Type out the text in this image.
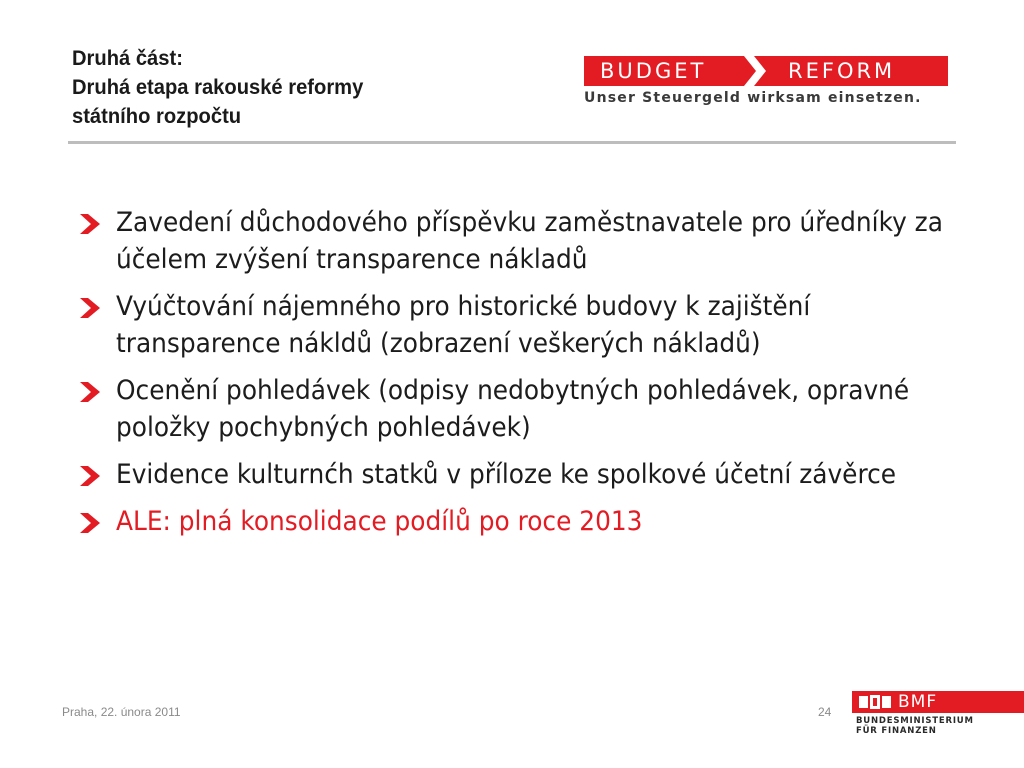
Druhá část:
Druhá etapa rakouské reformy
státního rozpočtu
BUDGET	REFORM
Unser Steuergeld wirksam einsetzen.
Zavedení důchodového příspěvku zaměstnavatele pro úředníky za účelem zvýšení transparence nákladů
Vyúčtování nájemného pro historické budovy k zajištění transparence nákldů (zobrazení veškerých nákladů)
Ocenění pohledávek (odpisy nedobytných pohledávek, opravné položky pochybných pohledávek)
Evidence kulturnćh statků v příloze ke spolkové účetní závěrce
ALE: plná konsolidace podílů po roce 2013
Praha, 22. února 2011	24	BMF
BUNDESMINISTERIUM
FÜR FINANZEN
